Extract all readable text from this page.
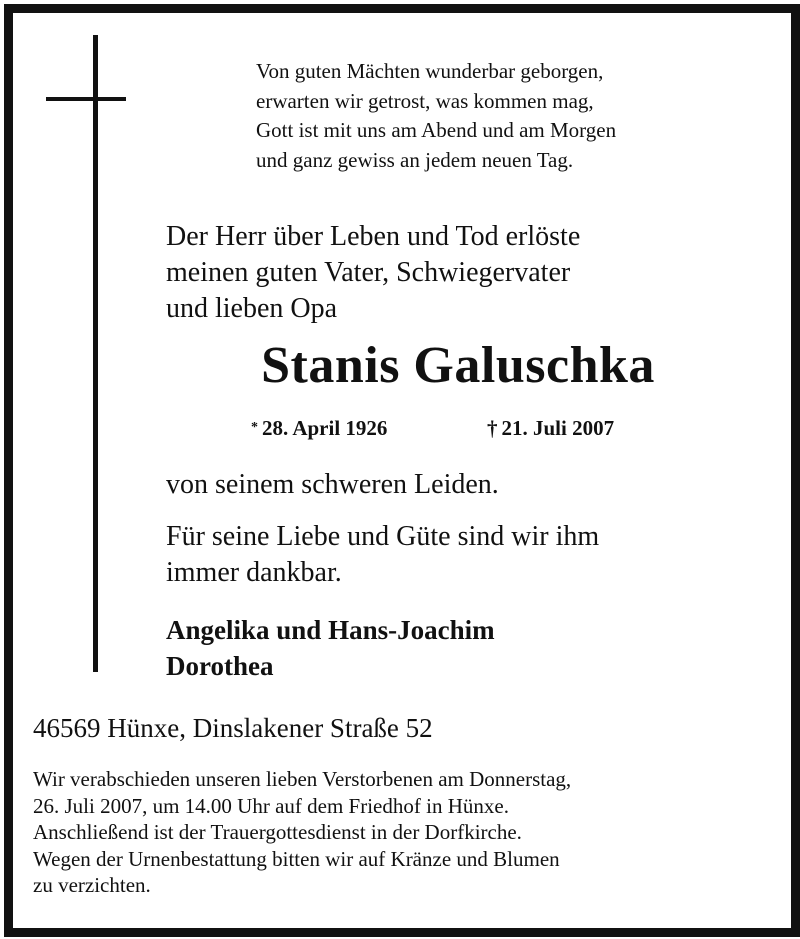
Von guten Mächten wunderbar geborgen,
erwarten wir getrost, was kommen mag,
Gott ist mit uns am Abend und am Morgen
und ganz gewiss an jedem neuen Tag.
Der Herr über Leben und Tod erlöste
meinen guten Vater, Schwiegervater
und lieben Opa
Stanis Galuschka
* 28. April 1926	† 21. Juli 2007
von seinem schweren Leiden.
Für seine Liebe und Güte sind wir ihm
immer dankbar.
Angelika und Hans-Joachim
Dorothea
46569 Hünxe, Dinslakener Straße 52
Wir verabschieden unseren lieben Verstorbenen am Donnerstag,
26. Juli 2007, um 14.00 Uhr auf dem Friedhof in Hünxe.
Anschließend ist der Trauergottesdienst in der Dorfkirche.
Wegen der Urnenbestattung bitten wir auf Kränze und Blumen
zu verzichten.
